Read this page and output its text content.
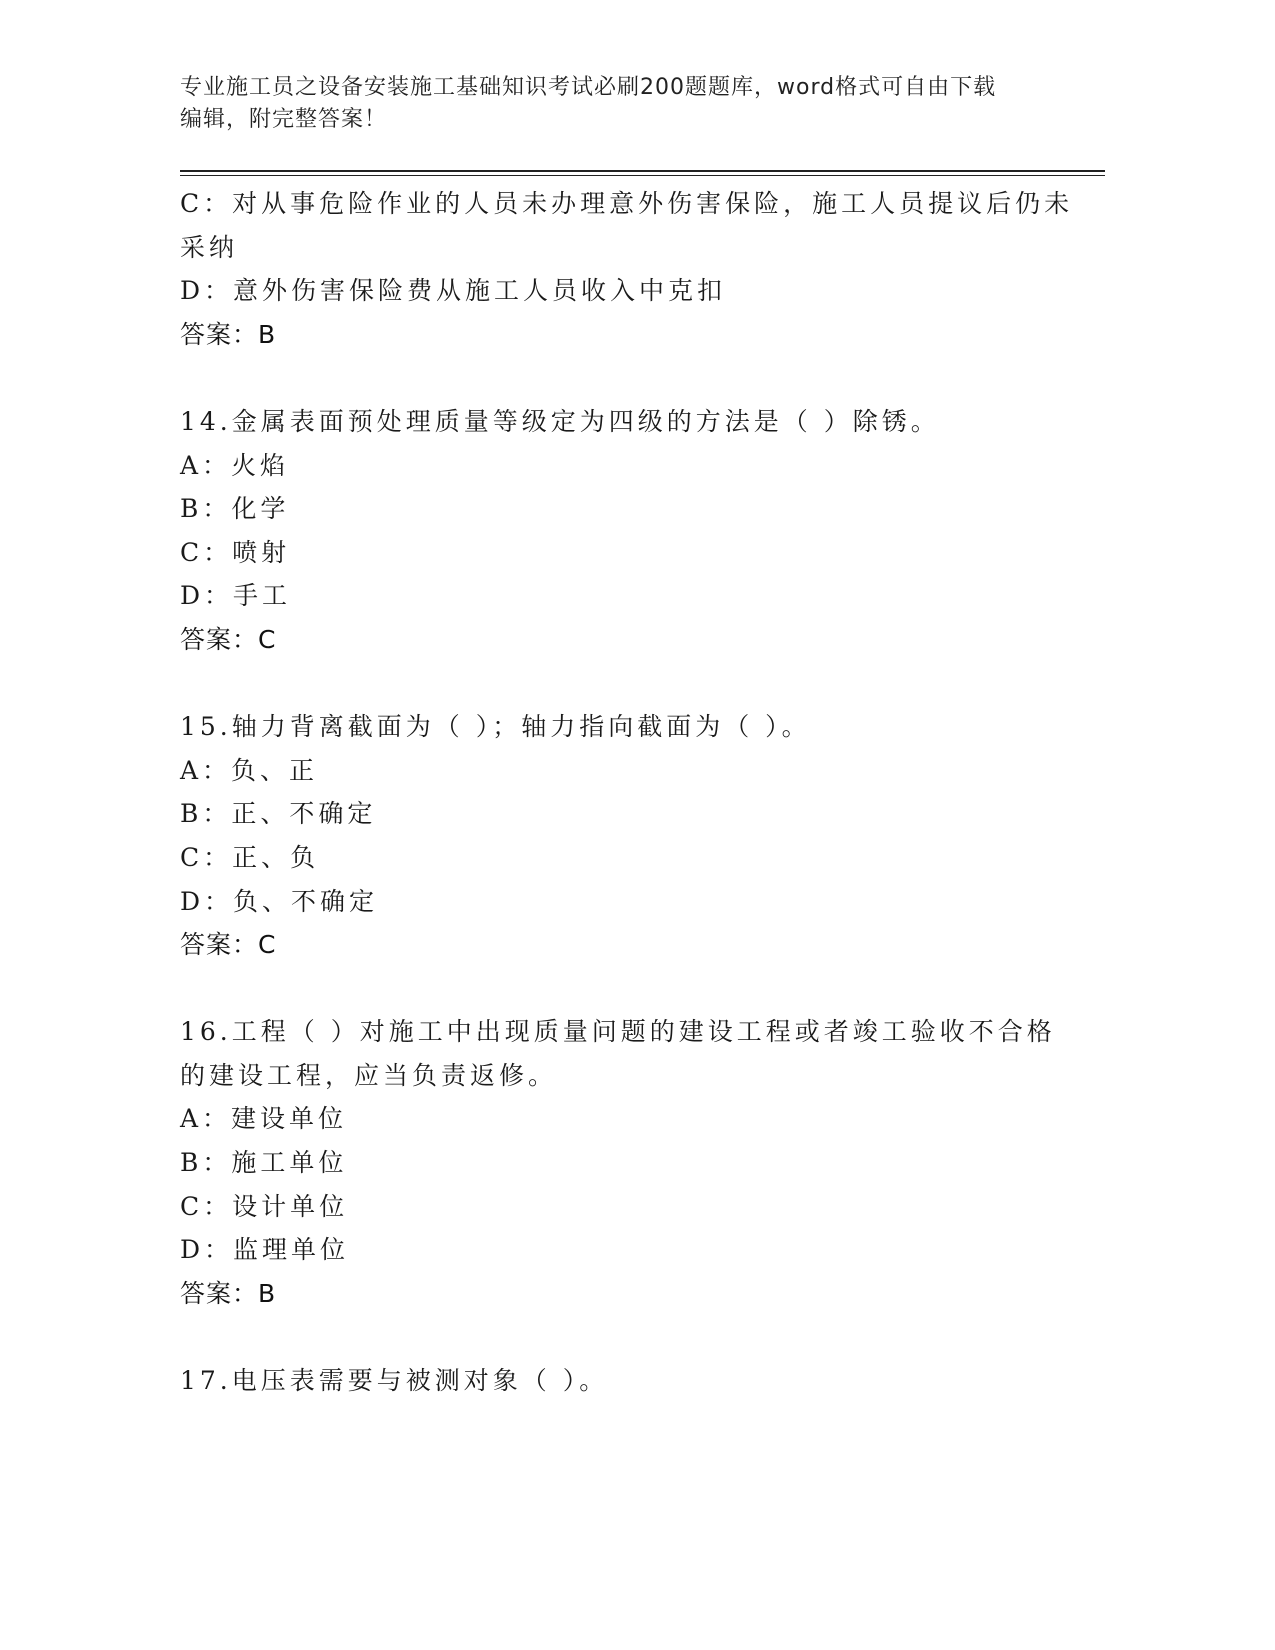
专业施工员之设备安装施工基础知识考试必刷200题题库，word格式可自由下载
编辑，附完整答案！
C：对从事危险作业的人员未办理意外伤害保险，施工人员提议后仍未
采纳
D：意外伤害保险费从施工人员收入中克扣
答案：B
14.金属表面预处理质量等级定为四级的方法是（ ）除锈。
A：火焰
B：化学
C：喷射
D：手工
答案：C
15.轴力背离截面为（ ）；轴力指向截面为（ ）。
A：负、正
B：正、不确定
C：正、负
D：负、不确定
答案：C
16.工程（ ）对施工中出现质量问题的建设工程或者竣工验收不合格
的建设工程，应当负责返修。
A：建设单位
B：施工单位
C：设计单位
D：监理单位
答案：B
17.电压表需要与被测对象（ ）。
